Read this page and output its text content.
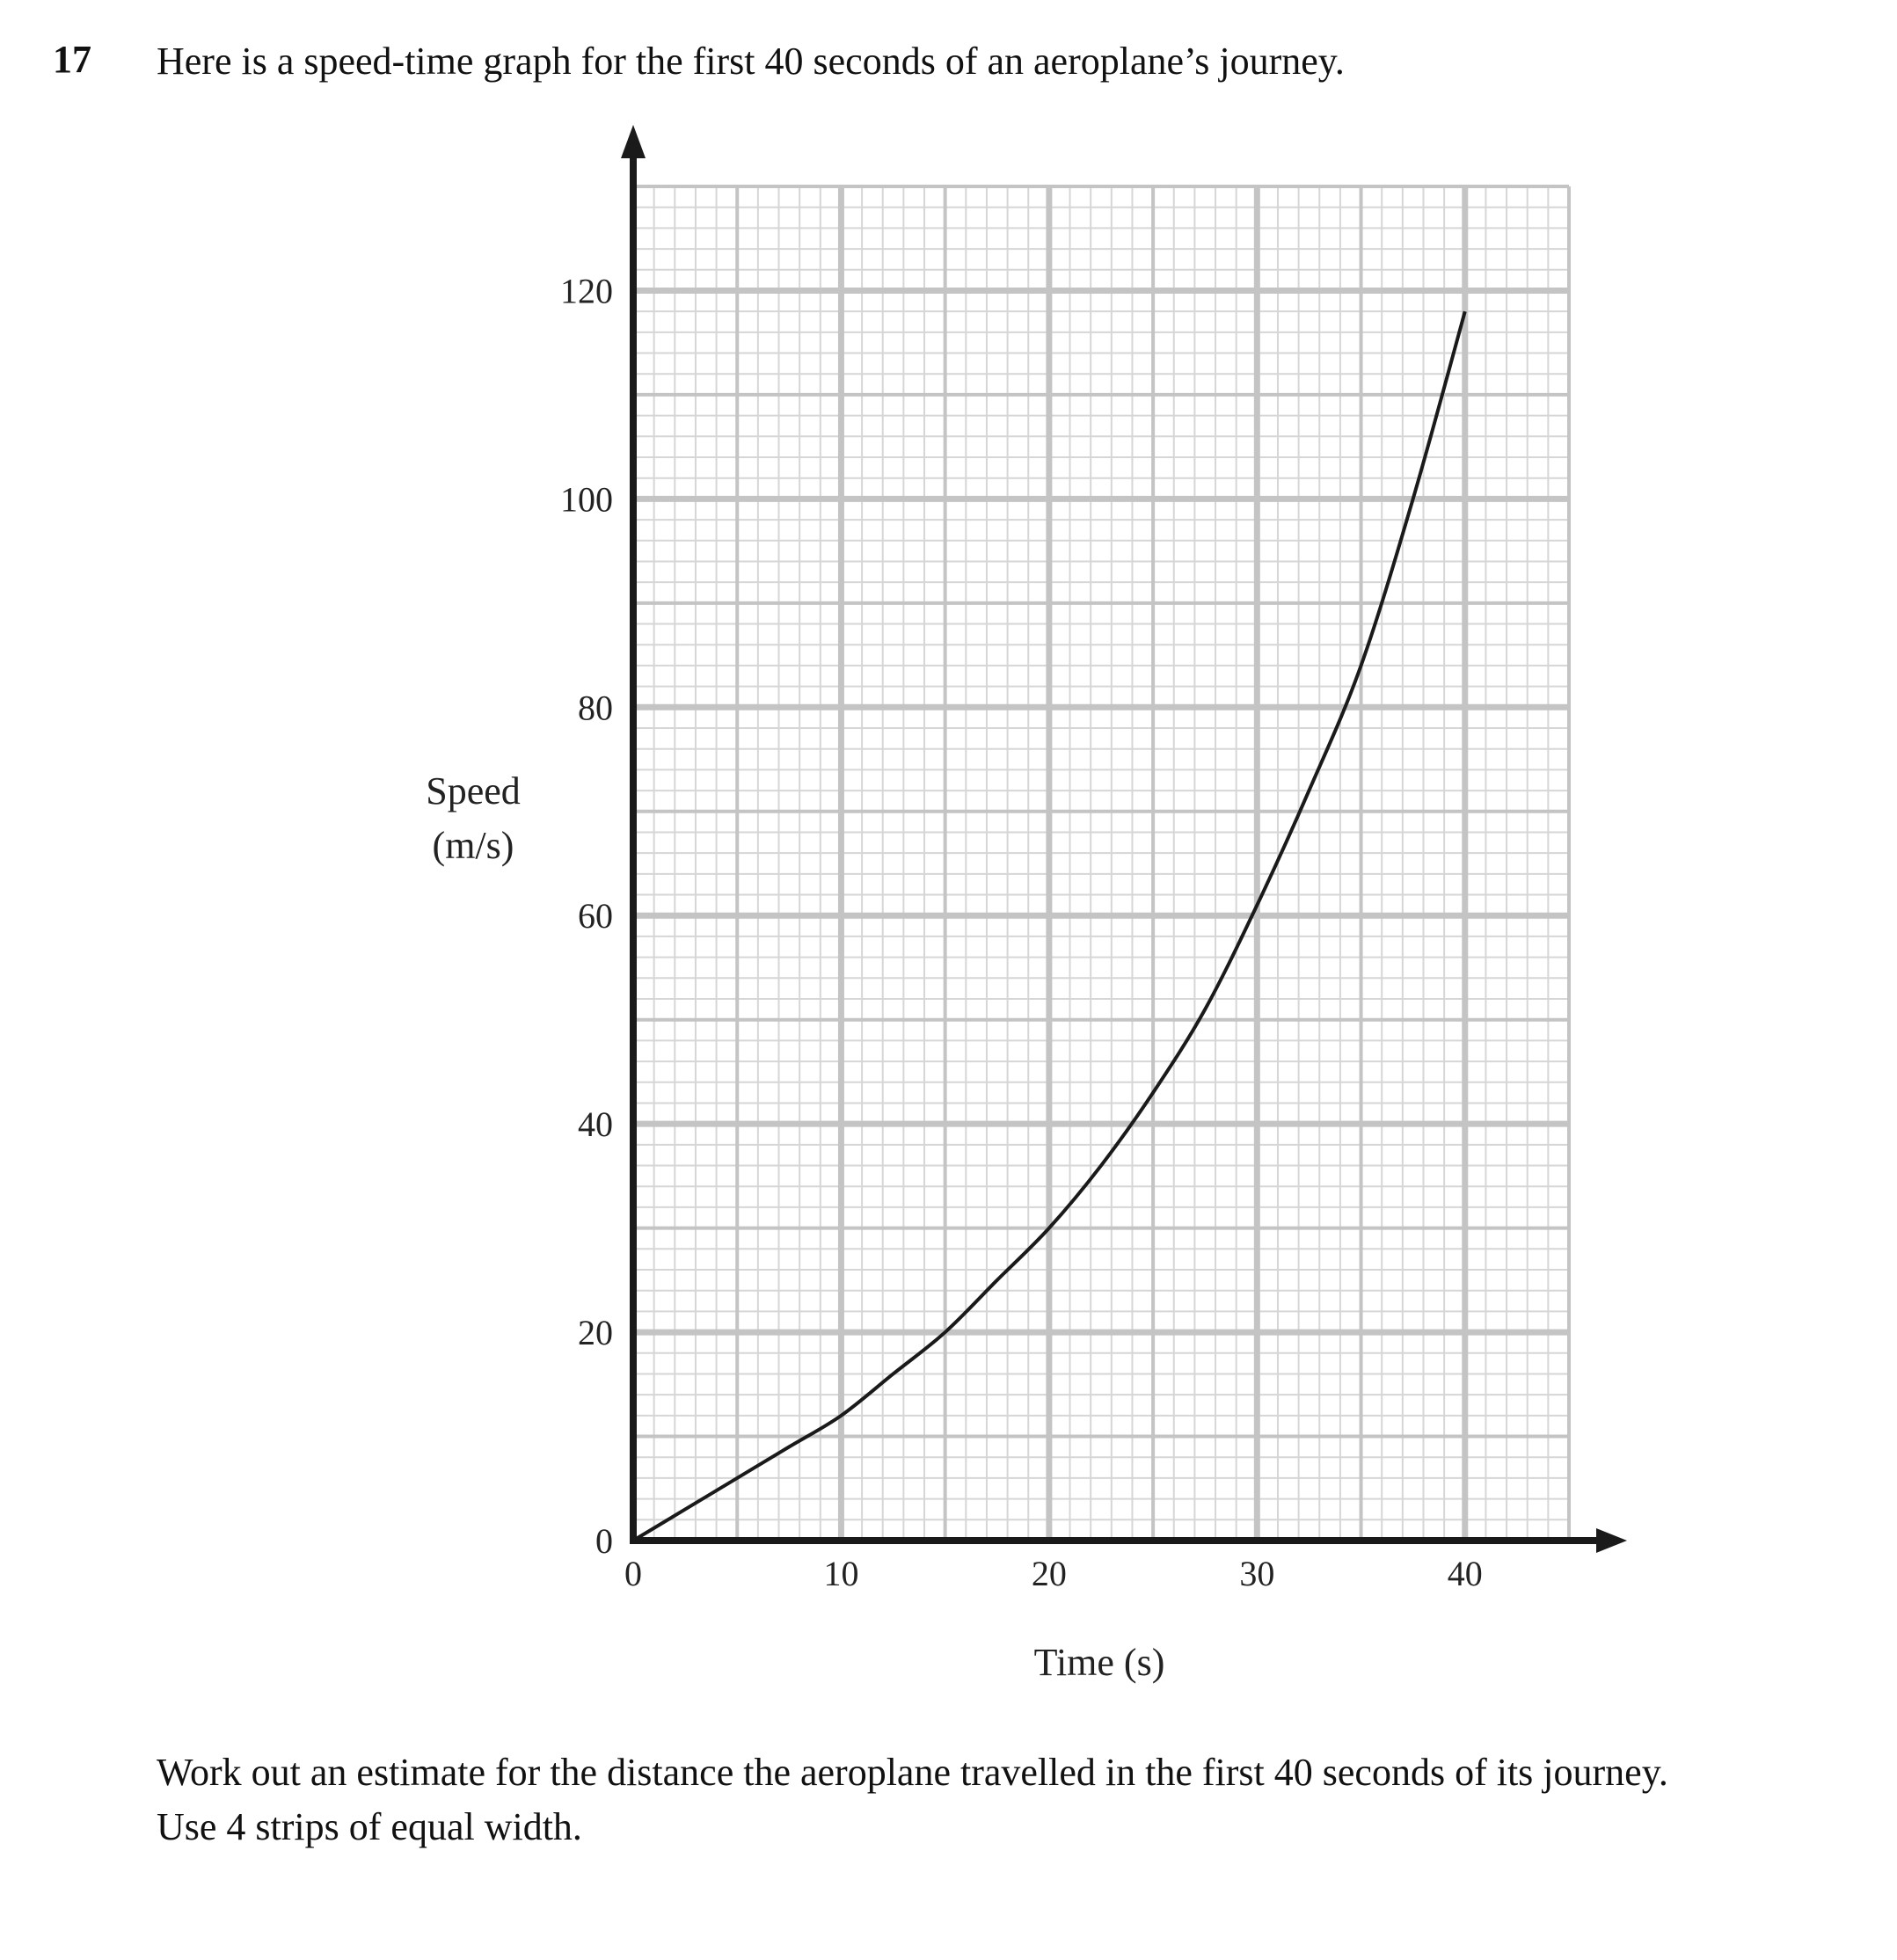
17 Here is a speed-time graph for the first 40 seconds of an aeroplane’s journey.
0	10	20	30	40
0
20
40
60
80
100
120
Time (s)
Speed
(m/s)
Work out an estimate for the distance the aeroplane travelled in the first 40 seconds of its journey.
Use 4 strips of equal width.
